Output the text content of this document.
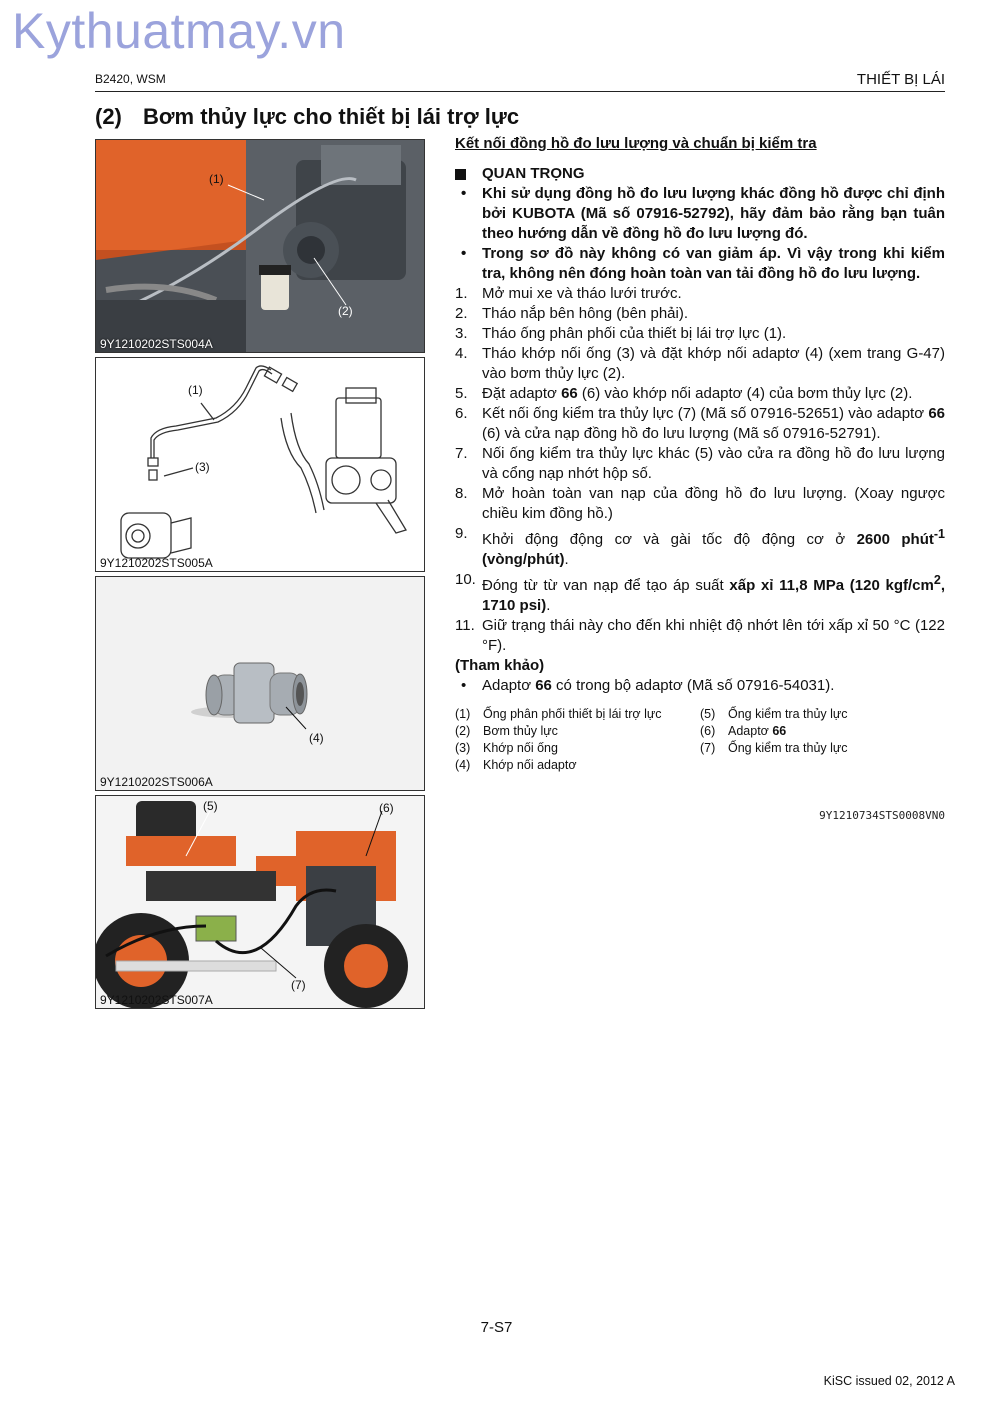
Kythuatmay.vn
B2420, WSM	THIẾT BỊ LÁI
(2) Bơm thủy lực cho thiết bị lái trợ lực
(1)
(2)
9Y1210202STS004A
(1)
(3)
9Y1210202STS005A
(4)
9Y1210202STS006A
(5)	(6)
(7)
9Y1210202STS007A
Kết nối đồng hồ đo lưu lượng và chuẩn bị kiểm tra
QUAN TRỌNG
• Khi sử dụng đồng hồ đo lưu lượng khác đồng hồ được chỉ định bởi KUBOTA (Mã số 07916-52792), hãy đảm bảo rằng bạn tuân theo hướng dẫn về đồng hồ đo lưu lượng đó.
• Trong sơ đồ này không có van giảm áp. Vì vậy trong khi kiểm tra, không nên đóng hoàn toàn van tải đồng hồ đo lưu lượng.
1. Mở mui xe và tháo lưới trước.
2. Tháo nắp bên hông (bên phải).
3. Tháo ống phân phối của thiết bị lái trợ lực (1).
4. Tháo khớp nối ống (3) và đặt khớp nối adaptơ (4) (xem trang G-47) vào bơm thủy lực (2).
5. Đặt adaptơ 66 (6) vào khớp nối adaptơ (4) của bơm thủy lực (2).
6. Kết nối ống kiểm tra thủy lực (7) (Mã số 07916-52651) vào adaptơ 66 (6) và cửa nạp đồng hồ đo lưu lượng (Mã số 07916-52791).
7. Nối ống kiểm tra thủy lực khác (5) vào cửa ra đồng hồ đo lưu lượng và cổng nạp nhớt hộp số.
8. Mở hoàn toàn van nạp của đồng hồ đo lưu lượng. (Xoay ngược chiều kim đồng hồ.)
9. Khởi động động cơ và gài tốc độ động cơ ở 2600 phút$^{-1}$ (vòng/phút).
10. Đóng từ từ van nạp để tạo áp suất xấp xỉ 11,8 MPa (120 kgf/$cm^2$, 1710 psi).
11. Giữ trạng thái này cho đến khi nhiệt độ nhớt lên tới xấp xỉ 50 °C (122 °F).
(Tham khảo)
• Adaptơ 66 có trong bộ adaptơ (Mã số 07916-54031).
(1)	Ống phân phối thiết bị lái trợ lực	(5)	Ống kiểm tra thủy lực
(2)	Bơm thủy lực	(6)	Adaptơ 66
(3)	Khớp nối ống	(7)	Ống kiểm tra thủy lực
(4)	Khớp nối adaptơ
9Y1210734STS0008VN0
7-S7
KiSC issued 02, 2012 A
